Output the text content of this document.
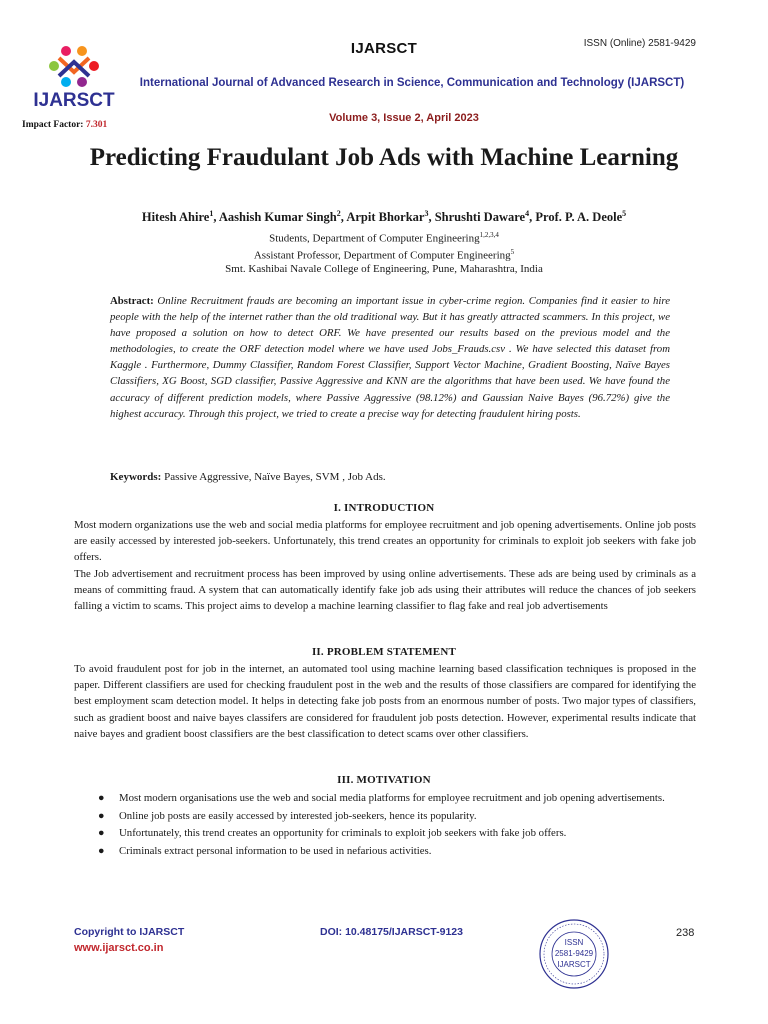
IJARSCT
IJARSCT	ISSN (Online) 2581-9429
International Journal of Advanced Research in Science, Communication and Technology (IJARSCT)
Impact Factor: 7.301
Volume 3, Issue 2, April 2023
Predicting Fraudulant Job Ads with Machine Learning
Hitesh Ahire$^1$, Aashish Kumar Singh$^2$, Arpit Bhorkar$^3$, Shrushti Daware$^4$, Prof. P. A. Deole$^5$
Students, Department of Computer Engineering$^{1,2,3,4}$
Assistant Professor, Department of Computer Engineering$^5$
Smt. Kashibai Navale College of Engineering, Pune, Maharashtra, India
Abstract: Online Recruitment frauds are becoming an important issue in cyber-crime region. Companies find it easier to hire people with the help of the internet rather than the old traditional way. But it has greatly attracted scammers. In this project, we have proposed a solution on how to detect ORF. We have presented our results based on the previous model and the methodologies, to create the ORF detection model where we have used Jobs_Frauds.csv . We have selected this dataset from Kaggle . Furthermore, Dummy Classifier, Random Forest Classifier, Support Vector Machine, Gradient Boosting, Naïve Bayes Classifiers, XG Boost, SGD classifier, Passive Aggressive and KNN are the algorithms that have been used. We have found the accuracy of different prediction models, where Passive Aggressive (98.12%) and Gaussian Naive Bayes (96.72%) give the highest accuracy. Through this project, we tried to create a precise way for detecting fraudulent hiring posts.
Keywords: Passive Aggressive, Naïve Bayes, SVM , Job Ads.
I. INTRODUCTION
Most modern organizations use the web and social media platforms for employee recruitment and job opening advertisements. Online job posts are easily accessed by interested job-seekers. Unfortunately, this trend creates an opportunity for criminals to exploit job seekers with fake job offers.
The Job advertisement and recruitment process has been improved by using online advertisements. These ads are being used by criminals as a means of committing fraud. A system that can automatically identify fake job ads using their attributes will reduce the chances of job seekers falling a victim to scams. This project aims to develop a machine learning classifier to flag fake and real job advertisements
II. PROBLEM STATEMENT
To avoid fraudulent post for job in the internet, an automated tool using machine learning based classification techniques is proposed in the paper. Different classifiers are used for checking fraudulent post in the web and the results of those classifiers are compared for identifying the best employment scam detection model. It helps in detecting fake job posts from an enormous number of posts. Two major types of classifiers, such as gradient boost and naive bayes classifers are considered for fraudulent job posts detection. However, experimental results indicate that naive bayes and gradient boost classifiers are the best classification to detect scams over other classifiers.
III. MOTIVATION
● Most modern organisations use the web and social media platforms for employee recruitment and job opening advertisements.
● Online job posts are easily accessed by interested job-seekers, hence its popularity.
● Unfortunately, this trend creates an opportunity for criminals to exploit job seekers with fake job offers.
● Criminals extract personal information to be used in nefarious activities.
Copyright to IJARSCT
www.ijarsct.co.in
DOI: 10.48175/IJARSCT-9123	238
ISSN
2581-9429
IJARSCT
